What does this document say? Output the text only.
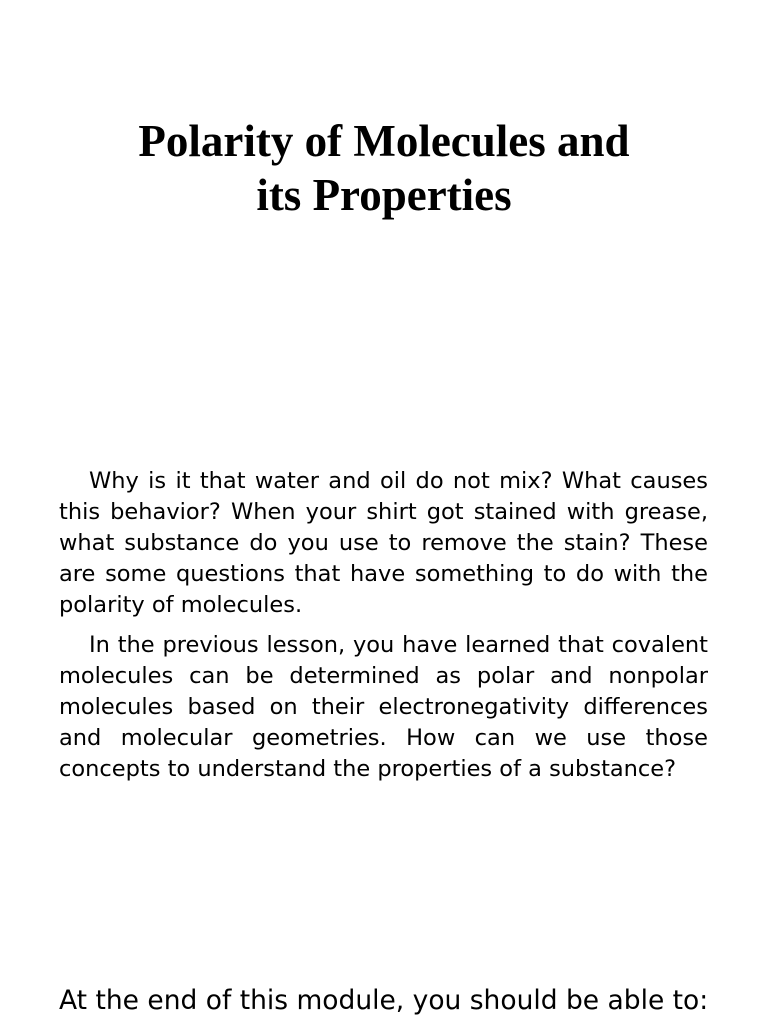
Polarity of Molecules and
its Properties

Why is it that water and oil do not mix? What causes this behavior? When your shirt got stained with grease, what substance do you use to remove the stain? These are some questions that have something to do with the polarity of molecules.

In the previous lesson, you have learned that covalent molecules can be determined as polar and nonpolar molecules based on their electronegativity differences and molecular geometries. How can we use those concepts to understand the properties of a substance?

At the end of this module, you should be able to:
